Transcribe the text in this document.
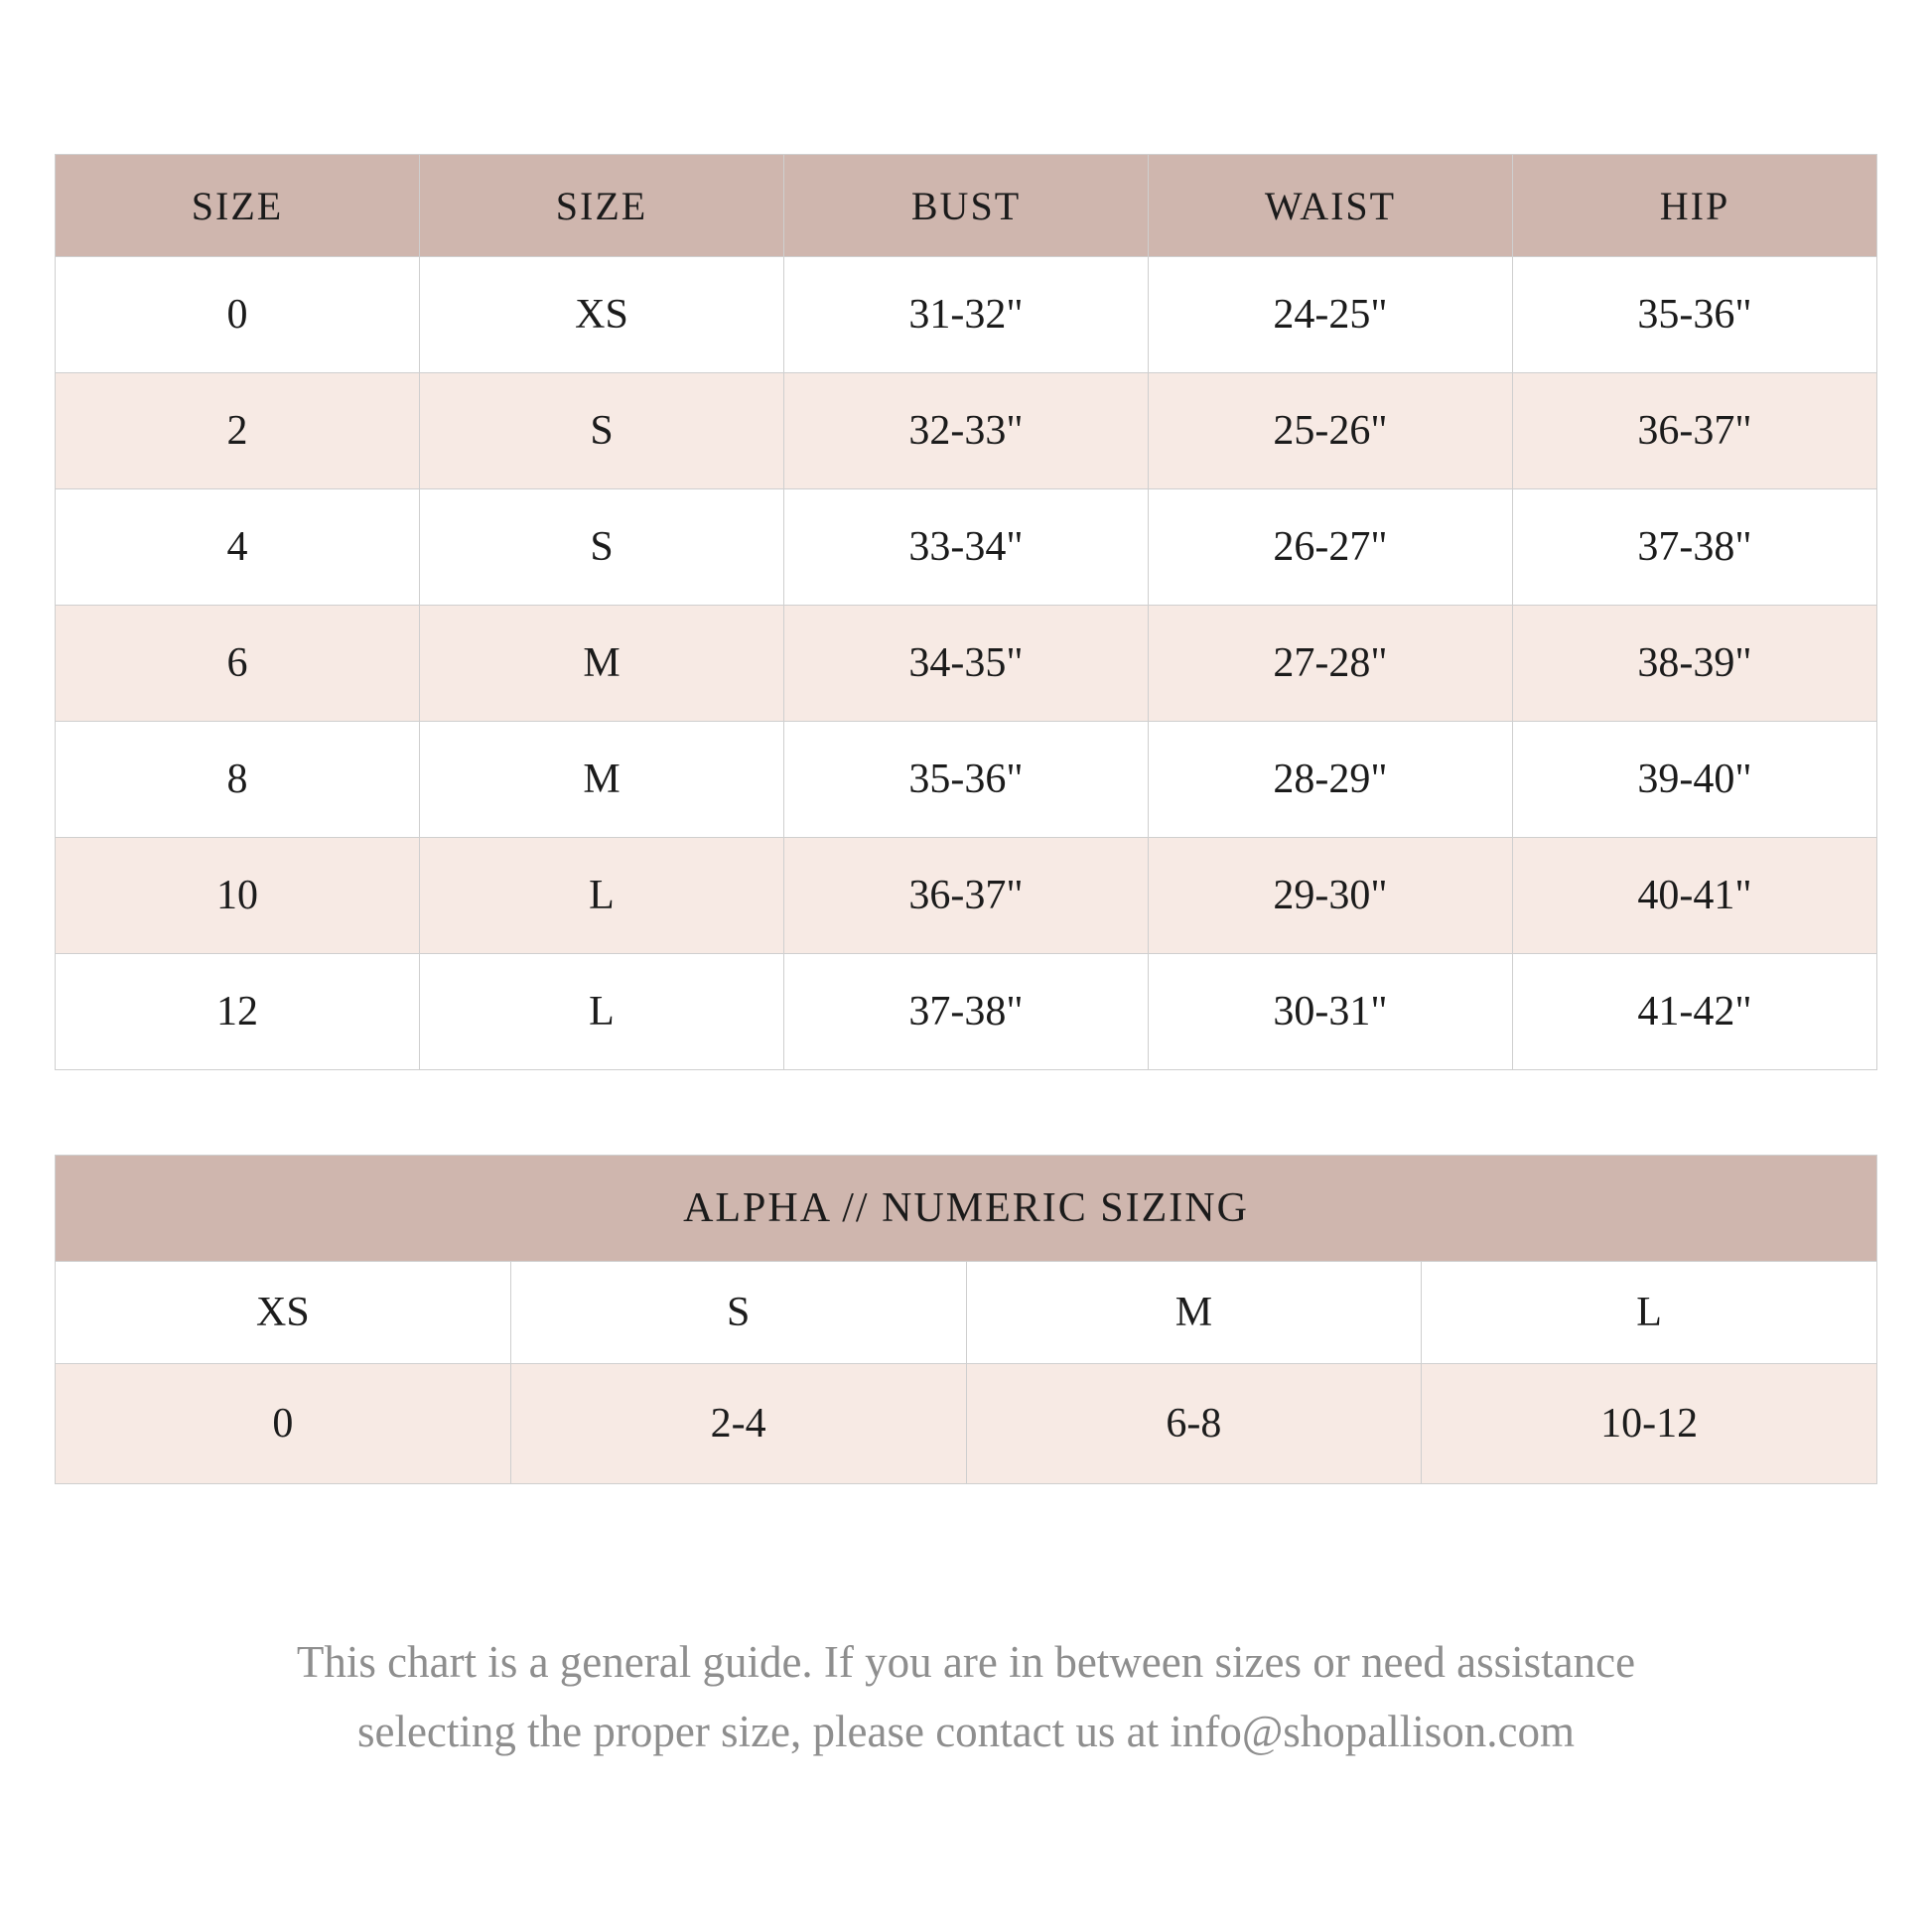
SIZE	SIZE	BUST	WAIST	HIP
0	XS	31-32"	24-25"	35-36"
2	S	32-33"	25-26"	36-37"
4	S	33-34"	26-27"	37-38"
6	M	34-35"	27-28"	38-39"
8	M	35-36"	28-29"	39-40"
10	L	36-37"	29-30"	40-41"
12	L	37-38"	30-31"	41-42"
ALPHA // NUMERIC SIZING			
XS	S	M	L
0	2-4	6-8	10-12
This chart is a general guide. If you are in between sizes or need assistance
selecting the proper size, please contact us at info@shopallison.com
